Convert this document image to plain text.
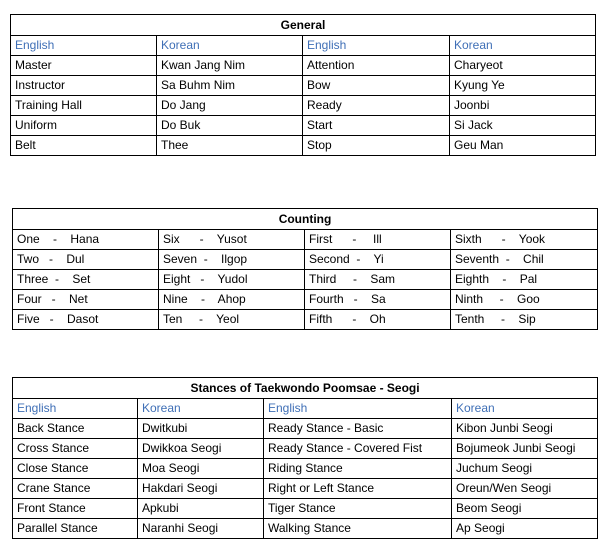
General			
English	Korean	English	Korean
Master	Kwan Jang Nim	Attention	Charyeot
Instructor	Sa Buhm Nim	Bow	Kyung Ye
Training Hall	Do Jang	Ready	Joonbi
Uniform	Do Buk	Start	Si Jack
Belt	Thee	Stop	Geu Man
Counting			
One    -    Hana	Six      -    Yusot	First      -     Ill	Sixth      -    Yook
Two   -    Dul	Seven  -    Ilgop	Second  -    Yi	Seventh  -    Chil
Three  -    Set	Eight   -    Yudol	Third     -    Sam	Eighth    -    Pal
Four   -    Net	Nine    -    Ahop	Fourth   -    Sa	Ninth     -    Goo
Five   -    Dasot	Ten     -    Yeol	Fifth      -    Oh	Tenth     -    Sip
Stances of Taekwondo Poomsae - Seogi			
English	Korean	English	Korean
Back Stance	Dwitkubi	Ready Stance - Basic	Kibon Junbi Seogi
Cross Stance	Dwikkoa Seogi	Ready Stance - Covered Fist	Bojumeok Junbi Seogi
Close Stance	Moa Seogi	Riding Stance	Juchum Seogi
Crane Stance	Hakdari Seogi	Right or Left Stance	Oreun/Wen Seogi
Front Stance	Apkubi	Tiger Stance	Beom Seogi
Parallel Stance	Naranhi Seogi	Walking Stance	Ap Seogi
